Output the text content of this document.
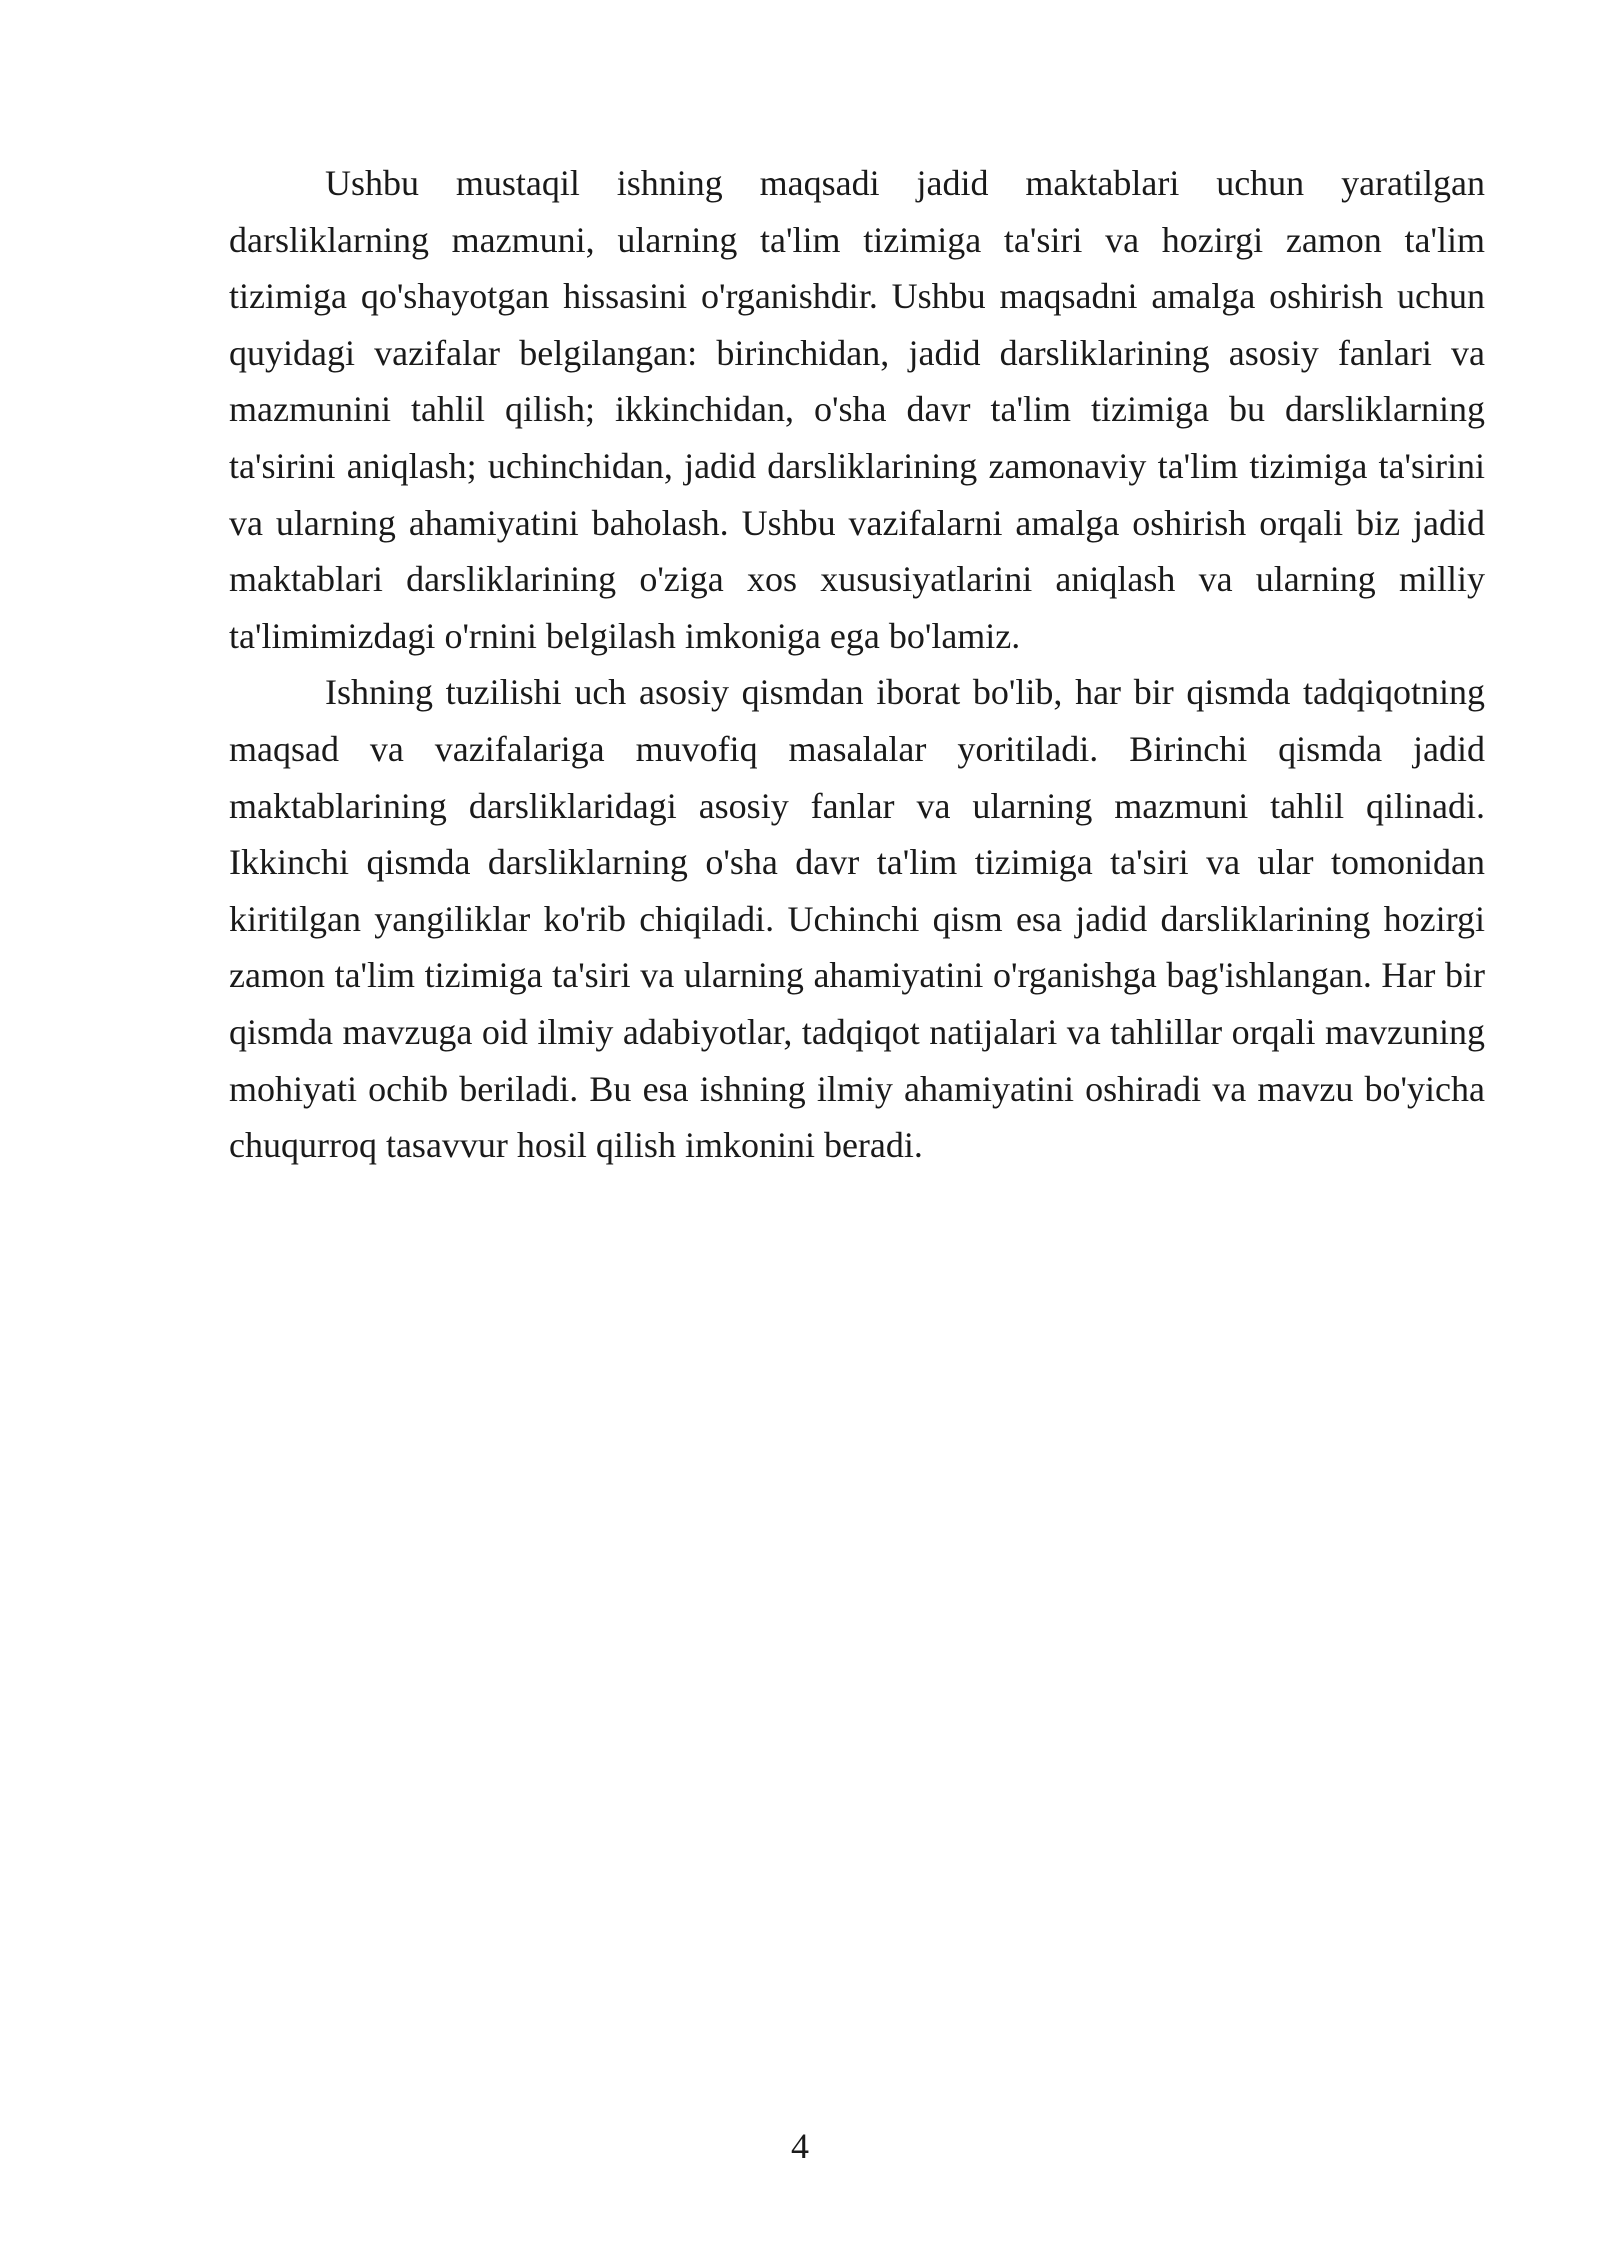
Ushbu mustaqil ishning maqsadi jadid maktablari uchun yaratilgan darsliklarning mazmuni, ularning ta'lim tizimiga ta'siri va hozirgi zamon ta'lim tizimiga qo'shayotgan hissasini o'rganishdir. Ushbu maqsadni amalga oshirish uchun quyidagi vazifalar belgilangan: birinchidan, jadid darsliklarining asosiy fanlari va mazmunini tahlil qilish; ikkinchidan, o'sha davr ta'lim tizimiga bu darsliklarning ta'sirini aniqlash; uchinchidan, jadid darsliklarining zamonaviy ta'lim tizimiga ta'sirini va ularning ahamiyatini baholash. Ushbu vazifalarni amalga oshirish orqali biz jadid maktablari darsliklarining o'ziga xos xususiyatlarini aniqlash va ularning milliy ta'limimizdagi o'rnini belgilash imkoniga ega bo'lamiz.

Ishning tuzilishi uch asosiy qismdan iborat bo'lib, har bir qismda tadqiqotning maqsad va vazifalariga muvofiq masalalar yoritiladi. Birinchi qismda jadid maktablarining darsliklaridagi asosiy fanlar va ularning mazmuni tahlil qilinadi. Ikkinchi qismda darsliklarning o'sha davr ta'lim tizimiga ta'siri va ular tomonidan kiritilgan yangiliklar ko'rib chiqiladi. Uchinchi qism esa jadid darsliklarining hozirgi zamon ta'lim tizimiga ta'siri va ularning ahamiyatini o'rganishga bag'ishlangan. Har bir qismda mavzuga oid ilmiy adabiyotlar, tadqiqot natijalari va tahlillar orqali mavzuning mohiyati ochib beriladi. Bu esa ishning ilmiy ahamiyatini oshiradi va mavzu bo'yicha chuqurroq tasavvur hosil qilish imkonini beradi.

4
